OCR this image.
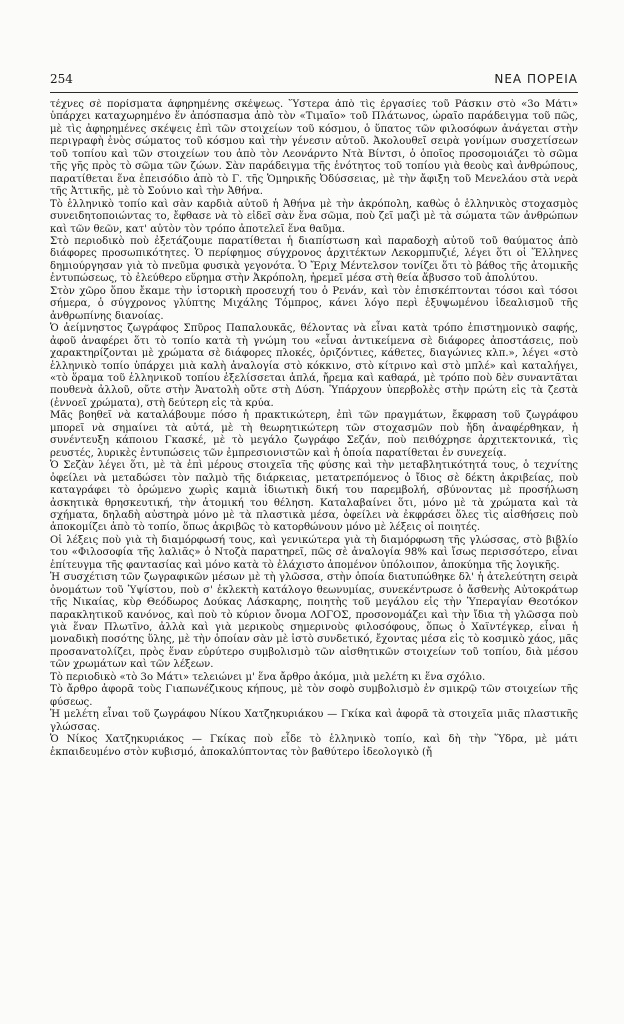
254	ΝΕΑ ΠΟΡΕΙΑ

τέχνες σὲ πορίσματα ἀφηρημένης σκέψεως. Ὕστερα ἀπὸ τὶς ἐργασίες τοῦ Ράσκιν στὸ «3ο Μάτι» ὑπάρχει καταχωρημένο ἕν ἀπόσπασμα ἀπὸ τὸν «Τιμαῖο» τοῦ Πλάτωνος, ὡραῖο παράδειγμα τοῦ πῶς, μὲ τὶς ἀφηρημένες σκέψεις ἐπὶ τῶν στοιχείων τοῦ κόσμου, ὁ ὕπατος τῶν φιλοσόφων ἀνάγεται στὴν περιγραφὴ ἑνὸς σώματος τοῦ κόσμου καὶ τὴν γένεσιν αὐτοῦ. Ἀκολουθεῖ σειρὰ γονίμων συσχετίσεων τοῦ τοπίου καὶ τῶν στοιχείων του ἀπὸ τὸν Λεονάρντο Ντὰ Βίντσι, ὁ ὁποῖος προσομοιάζει τὸ σῶμα τῆς γῆς πρὸς τὸ σῶμα τῶν ζώων. Σὰν παράδειγμα τῆς ἑνότητος τοῦ τοπίου γιὰ θεοὺς καὶ ἀνθρώπους, παρατίθεται ἕνα ἐπεισόδιο ἀπὸ τὸ Γ. τῆς Ὁμηρικῆς Ὀδύσσειας, μὲ τὴν ἄφιξη τοῦ Μενελάου στὰ νερὰ τῆς Ἀττικῆς, μὲ τὸ Σούνιο καὶ τὴν Ἀθήνα.

Τὸ ἑλληνικὸ τοπίο καὶ σὰν καρδιὰ αὐτοῦ ἡ Ἀθήνα μὲ τὴν ἀκρόπολη, καθὼς ὁ ἑλληνικὸς στοχασμὸς συνειδητοποιώντας το, ἔφθασε νὰ τὸ εἰδεῖ σὰν ἕνα σῶμα, ποὺ ζεῖ μαζὶ μὲ τὰ σώματα τῶν ἀνθρώπων καὶ τῶν θεῶν, κατ' αὐτὸν τὸν τρόπο ἀποτελεῖ ἕνα θαῦμα.

Στὸ περιοδικὸ ποὺ ἐξετάζουμε παρατίθεται ἡ διαπίστωση καὶ παραδοχὴ αὐτοῦ τοῦ θαύματος ἀπὸ διάφορες προσωπικότητες. Ὁ περίφημος σύγχρονος ἀρχιτέκτων Λεκορμπυζιέ, λέγει ὅτι οἱ Ἕλληνες δημιούργησαν γιὰ τὸ πνεῦμα φυσικὰ γεγονότα. Ὁ Ἔριχ Μέντελσον τονίζει ὅτι τὸ βάθος τῆς ἀτομικῆς ἐντυπώσεως, τὸ ἐλεύθερο εὕρημα στὴν Ἀκρόπολη, ἠρεμεῖ μέσα στὴ θεία ἄβυσσο τοῦ ἀπολύτου.

Στὸν χῶρο ὅπου ἔκαμε τὴν ἱστορικὴ προσευχή του ὁ Ρενάν, καὶ τὸν ἐπισκέπτονται τόσοι καὶ τόσοι σήμερα, ὁ σύγχρονος γλύπτης Μιχάλης Τόμπρος, κάνει λόγο περὶ ἐξυψωμένου ἰδεαλισμοῦ τῆς ἀνθρωπίνης διανοίας.

Ὁ ἀείμνηστος ζωγράφος Σπῦρος Παπαλουκᾶς, θέλοντας νὰ εἶναι κατὰ τρόπο ἐπιστημονικὸ σαφής, ἀφοῦ ἀναφέρει ὅτι τὸ τοπίο κατὰ τὴ γνώμη του «εἶναι ἀντικείμενα σὲ διάφορες ἀποστάσεις, ποὺ χαρακτηρίζονται μὲ χρώματα σὲ διάφορες πλοκές, ὁριζόντιες, κάθετες, διαγώνιες κλπ.», λέγει «στὸ ἑλληνικὸ τοπίο ὑπάρχει μιὰ καλὴ ἀναλογία στὸ κόκκινο, στὸ κίτρινο καὶ στὸ μπλέ» καὶ καταλήγει, «τὸ ὅραμα τοῦ ἑλληνικοῦ τοπίου ἐξελίσσεται ἁπλά, ἤρεμα καὶ καθαρά, μὲ τρόπο ποὺ δὲν συναντᾶται πουθενὰ ἀλλοῦ, οὔτε στὴν Ἀνατολὴ οὔτε στὴ Δύση. Ὑπάρχουν ὑπερβολὲς στὴν πρώτη εἰς τὰ ζεστὰ (ἐννοεῖ χρώματα), στὴ δεύτερη εἰς τὰ κρύα.

Μᾶς βοηθεῖ νὰ καταλάβουμε πόσο ἡ πρακτικώτερη, ἐπὶ τῶν πραγμάτων, ἔκφραση τοῦ ζωγράφου μπορεῖ νὰ σημαίνει τὰ αὐτά, μὲ τὴ θεωρητικώτερη τῶν στοχασμῶν ποὺ ἤδη ἀναφέρθηκαν, ἡ συνέντευξη κάποιου Γκασκέ, μὲ τὸ μεγάλο ζωγράφο Σεζάν, ποὺ πειθόχρησε ἀρχιτεκτονικά, τὶς ρευστές, λυρικὲς ἐντυπώσεις τῶν ἐμπρεσιονιστῶν καὶ ἡ ὁποία παρατίθεται ἐν συνεχείᾳ.

Ὁ Σεζὰν λέγει ὅτι, μὲ τὰ ἐπὶ μέρους στοιχεῖα τῆς φύσης καὶ τὴν μεταβλητικότητά τους, ὁ τεχνίτης ὀφείλει νὰ μεταδώσει τὸν παλμὸ τῆς διάρκειας, μετατρεπόμενος ὁ ἴδιος σὲ δέκτη ἀκριβείας, ποὺ καταγράφει τὸ ὁρώμενο χωρὶς καμιὰ ἰδιωτικὴ δική του παρεμβολή, σβύνοντας μὲ προσήλωση ἀσκητικὰ θρησκευτική, τὴν ἀτομική του θέληση. Καταλαβαίνει ὅτι, μόνο μὲ τὰ χρώματα καὶ τὰ σχήματα, δηλαδὴ αὐστηρὰ μόνο μὲ τὰ πλαστικὰ μέσα, ὀφείλει νὰ ἐκφράσει ὅλες τὶς αἰσθήσεις ποὺ ἀποκομίζει ἀπὸ τὸ τοπίο, ὅπως ἀκριβῶς τὸ κατορθώνουν μόνο μὲ λέξεις οἱ ποιητές.

Οἱ λέξεις ποὺ γιὰ τὴ διαμόρφωσή τους, καὶ γενικώτερα γιὰ τὴ διαμόρφωση τῆς γλώσσας, στὸ βιβλίο του «Φιλοσοφία τῆς λαλιᾶς» ὁ Ντοζὰ παρατηρεῖ, πῶς σὲ ἀναλογία 98% καὶ ἴσως περισσότερο, εἶναι ἐπίτευγμα τῆς φαντασίας καὶ μόνο κατὰ τὸ ἐλάχιστο ἀπομένον ὑπόλοιπον, ἀποκύημα τῆς λογικῆς.

Ἡ συσχέτιση τῶν ζωγραφικῶν μέσων μὲ τὴ γλῶσσα, στὴν ὁποία διατυπώθηκε δλ' ἡ ἀτελεύτητη σειρὰ ὀνομάτων τοῦ Ὑψίστου, ποὺ σ' ἐκλεκτὴ κατάλογο θεωνυμίας, συνεκέντρωσε ὁ ἄσθενὴς Αὐτοκράτωρ τῆς Νικαίας, κὺρ Θεόδωρος Δούκας Λάσκαρης, ποιητὴς τοῦ μεγάλου εἰς τὴν Ὑπεραγίαν Θεοτόκον παρακλητικοῦ κανόνος, καὶ ποὺ τὸ κύριον ὄνομα ΛΟΓΟΣ, προσονομάζει καὶ τὴν ἴδια τὴ γλῶσσα ποὺ γιὰ ἕναν Πλωτῖνο, ἀλλὰ καὶ γιὰ μερικοὺς σημερινοὺς φιλοσόφους, ὅπως ὁ Χαϊντέγκερ, εἶναι ἡ μοναδικὴ ποσότης ὕλης, μὲ τὴν ὁποίαν σὰν μὲ ἰστὸ συνδετικό, ἔχοντας μέσα εἰς τὸ κοσμικὸ χάος, μᾶς προσανατολίζει, πρὸς ἕναν εὐρύτερο συμβολισμὸ τῶν αἰσθητικῶν στοιχείων τοῦ τοπίου, διὰ μέσου τῶν χρωμάτων καὶ τῶν λέξεων.

Τὸ περιοδικὸ «τὸ 3ο Μάτι» τελειώνει μ' ἕνα ἄρθρο ἀκόμα, μιὰ μελέτη κι ἕνα σχόλιο.

Τὸ ἄρθρο ἀφορᾶ τοὺς Γιαπωνέζικους κήπους, μὲ τὸν σοφὸ συμβολισμὸ ἐν σμικρῷ τῶν στοιχείων τῆς φύσεως.

Ἡ μελέτη εἶναι τοῦ ζωγράφου Νίκου Χατζηκυριάκου — Γκίκα καὶ ἀφορᾶ τὰ στοιχεῖα μιᾶς πλαστικῆς γλώσσας.

Ὁ Νίκος Χατζηκυριάκος — Γκίκας ποὺ εἶδε τὸ ἑλληνικὸ τοπίο, καὶ δὴ τὴν Ὕδρα, μὲ μάτι ἐκπαιδευμένο στὸν κυβισμό, ἀποκαλύπτοντας τὸν βαθύτερο ἰδεολογικὸ (ἤ
